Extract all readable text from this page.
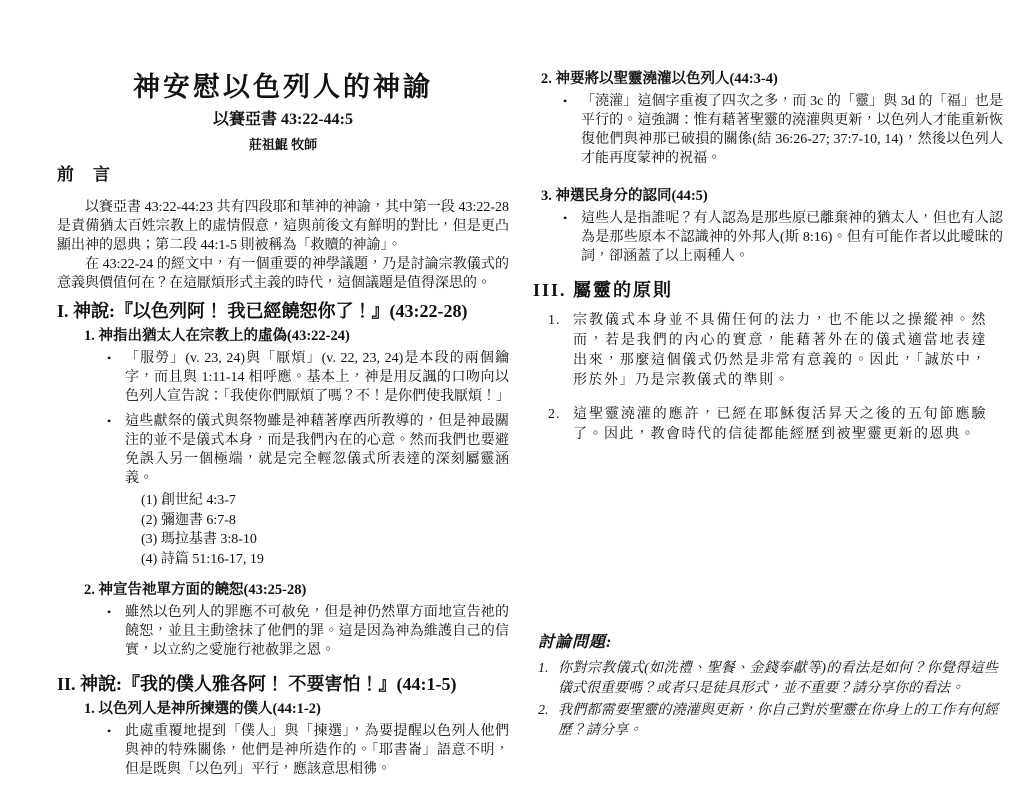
神安慰以色列人的神諭
以賽亞書 43:22-44:5
莊祖鯤 牧師
前　言
以賽亞書 43:22-44:23 共有四段耶和華神的神諭，其中第一段 43:22-28 是責備猶太百姓宗教上的虛情假意，這與前後文有鮮明的對比，但是更凸顯出神的恩典；第二段 44:1-5 則被稱為「救贖的神諭」。
在 43:22-24 的經文中，有一個重要的神學議題，乃是討論宗教儀式的意義與價值何在？在這厭煩形式主義的時代，這個議題是值得深思的。
I. 神說:『以色列阿！ 我已經饒恕你了！』(43:22-28)
1. 神指出猶太人在宗教上的虛偽(43:22-24)
• 「服勞」(v. 23, 24)與「厭煩」(v. 22, 23, 24)是本段的兩個鑰字，而且與 1:11-14 相呼應。基本上，神是用反諷的口吻向以色列人宣告說：「我使你們厭煩了嗎？不！是你們使我厭煩！」
• 這些獻祭的儀式與祭物雖是神藉著摩西所教導的，但是神最關注的並不是儀式本身，而是我們內在的心意。然而我們也要避免誤入另一個極端，就是完全輕忽儀式所表達的深刻屬靈涵義。
(1) 創世紀 4:3-7
(2) 彌迦書 6:7-8
(3) 瑪拉基書 3:8-10
(4) 詩篇 51:16-17, 19
2. 神宣告祂單方面的饒恕(43:25-28)
• 雖然以色列人的罪應不可赦免，但是神仍然單方面地宣告祂的饒恕，並且主動塗抹了他們的罪。這是因為神為維護自己的信實，以立約之愛施行祂赦罪之恩。
II. 神說:『我的僕人雅各阿！ 不要害怕！』(44:1-5)
1. 以色列人是神所揀選的僕人(44:1-2)
• 此處重覆地提到「僕人」與「揀選」，為要提醒以色列人他們與神的特殊關係，他們是神所造作的。「耶書崙」語意不明，但是既與「以色列」平行，應該意思相彿。
2. 神要將以聖靈澆灌以色列人(44:3-4)
• 「澆灌」這個字重複了四次之多，而 3c 的「靈」與 3d 的「福」也是平行的。這強調：惟有藉著聖靈的澆灌與更新，以色列人才能重新恢復他們與神那已破損的關係(結 36:26-27; 37:7-10, 14)，然後以色列人才能再度蒙神的祝福。
3. 神選民身分的認同(44:5)
• 這些人是指誰呢？有人認為是那些原已離棄神的猶太人，但也有人認為是那些原本不認識神的外邦人(斯 8:16)。但有可能作者以此曖昧的詞，卻涵蓋了以上兩種人。
III. 屬靈的原則
1. 宗教儀式本身並不具備任何的法力，也不能以之操縱神。然而，若是我們的內心的實意，能藉著外在的儀式適當地表達出來，那麼這個儀式仍然是非常有意義的。因此，「誠於中，形於外」乃是宗教儀式的準則。
2. 這聖靈澆灌的應許，已經在耶穌復活昇天之後的五旬節應驗了。因此，教會時代的信徒都能經歷到被聖靈更新的恩典。
討論問題:
1. 你對宗教儀式(如洗禮、聖餐、金錢奉獻等)的看法是如何？你覺得這些儀式很重要嗎？或者只是徒具形式，並不重要？請分享你的看法。
2. 我們都需要聖靈的澆灌與更新，你自己對於聖靈在你身上的工作有何經歷？請分享。
